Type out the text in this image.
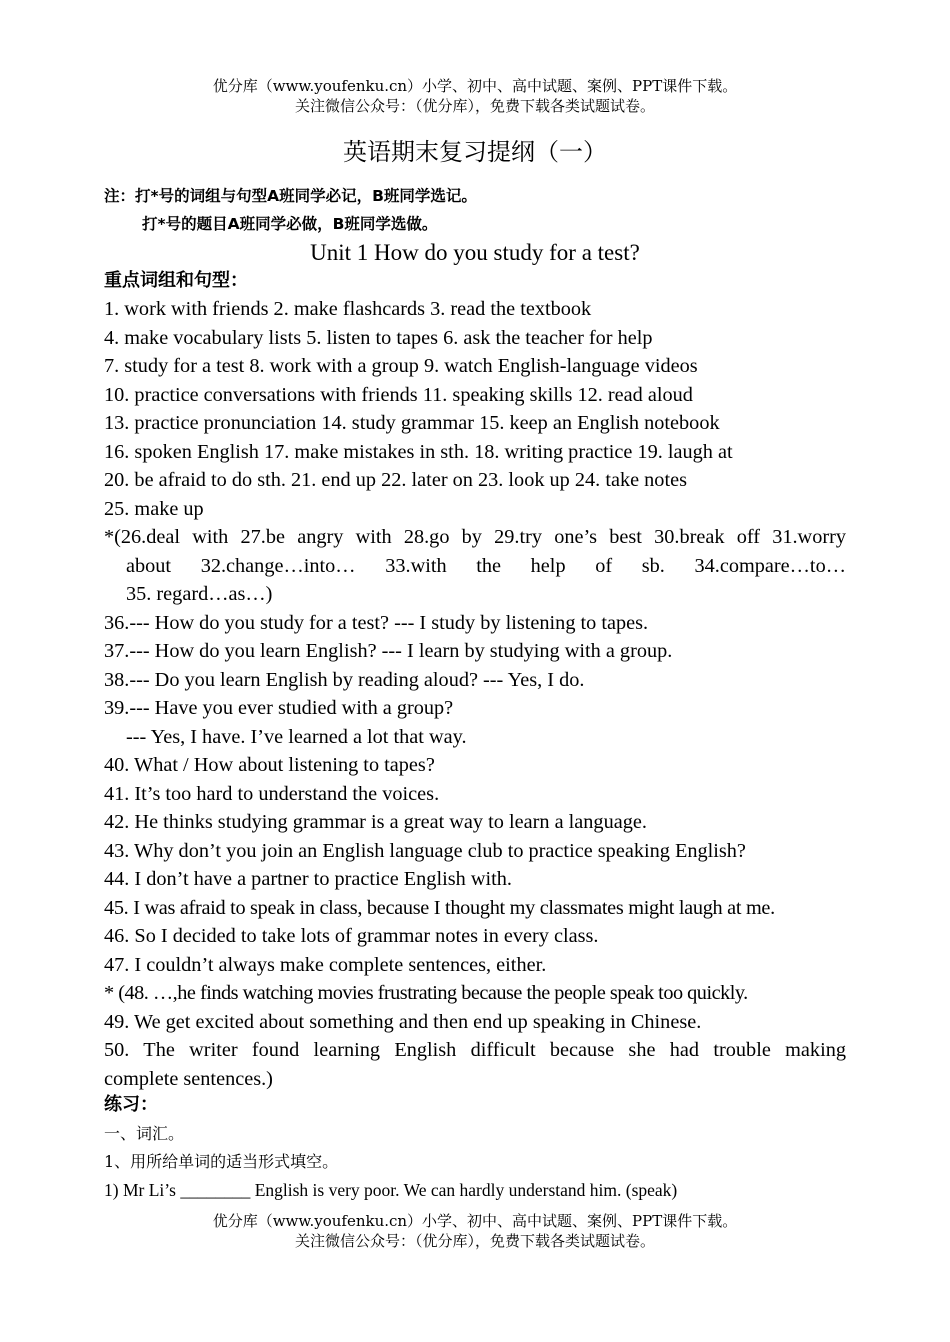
优分库（www.youfenku.cn）小学、初中、高中试题、案例、PPT课件下载。
关注微信公众号：（优分库），免费下载各类试题试卷。
英语期末复习提纲（一）
注：打*号的词组与句型A班同学必记，B班同学选记。
打*号的题目A班同学必做，B班同学选做。
Unit 1 How do you study for a test?
重点词组和句型：
1. work with friends 2. make flashcards 3. read the textbook
4. make vocabulary lists 5. listen to tapes 6. ask the teacher for help
7. study for a test 8. work with a group 9. watch English-language videos
10. practice conversations with friends 11. speaking skills 12. read aloud
13. practice pronunciation 14. study grammar 15. keep an English notebook
16. spoken English 17. make mistakes in sth. 18. writing practice 19. laugh at
20. be afraid to do sth. 21. end up 22. later on 23. look up 24. take notes
25. make up
*(26.deal with 27.be angry with 28.go by 29.try one’s best 30.break off 31.worry
about 32.change…into… 33.with the help of sb. 34.compare…to…
35. regard…as…)
36.--- How do you study for a test? --- I study by listening to tapes.
37.--- How do you learn English? --- I learn by studying with a group.
38.--- Do you learn English by reading aloud? --- Yes, I do.
39.--- Have you ever studied with a group?
--- Yes, I have. I’ve learned a lot that way.
40. What / How about listening to tapes?
41. It’s too hard to understand the voices.
42. He thinks studying grammar is a great way to learn a language.
43. Why don’t you join an English language club to practice speaking English?
44. I don’t have a partner to practice English with.
45. I was afraid to speak in class, because I thought my classmates might laugh at me.
46. So I decided to take lots of grammar notes in every class.
47. I couldn’t always make complete sentences, either.
* (48. …,he finds watching movies frustrating because the people speak too quickly.
49. We get excited about something and then end up speaking in Chinese.
50. The writer found learning English difficult because she had trouble making
complete sentences.)
练习：
一、词汇。
1、用所给单词的适当形式填空。
1) Mr Li’s ________ English is very poor. We can hardly understand him. (speak)
优分库（www.youfenku.cn）小学、初中、高中试题、案例、PPT课件下载。
关注微信公众号：（优分库），免费下载各类试题试卷。
